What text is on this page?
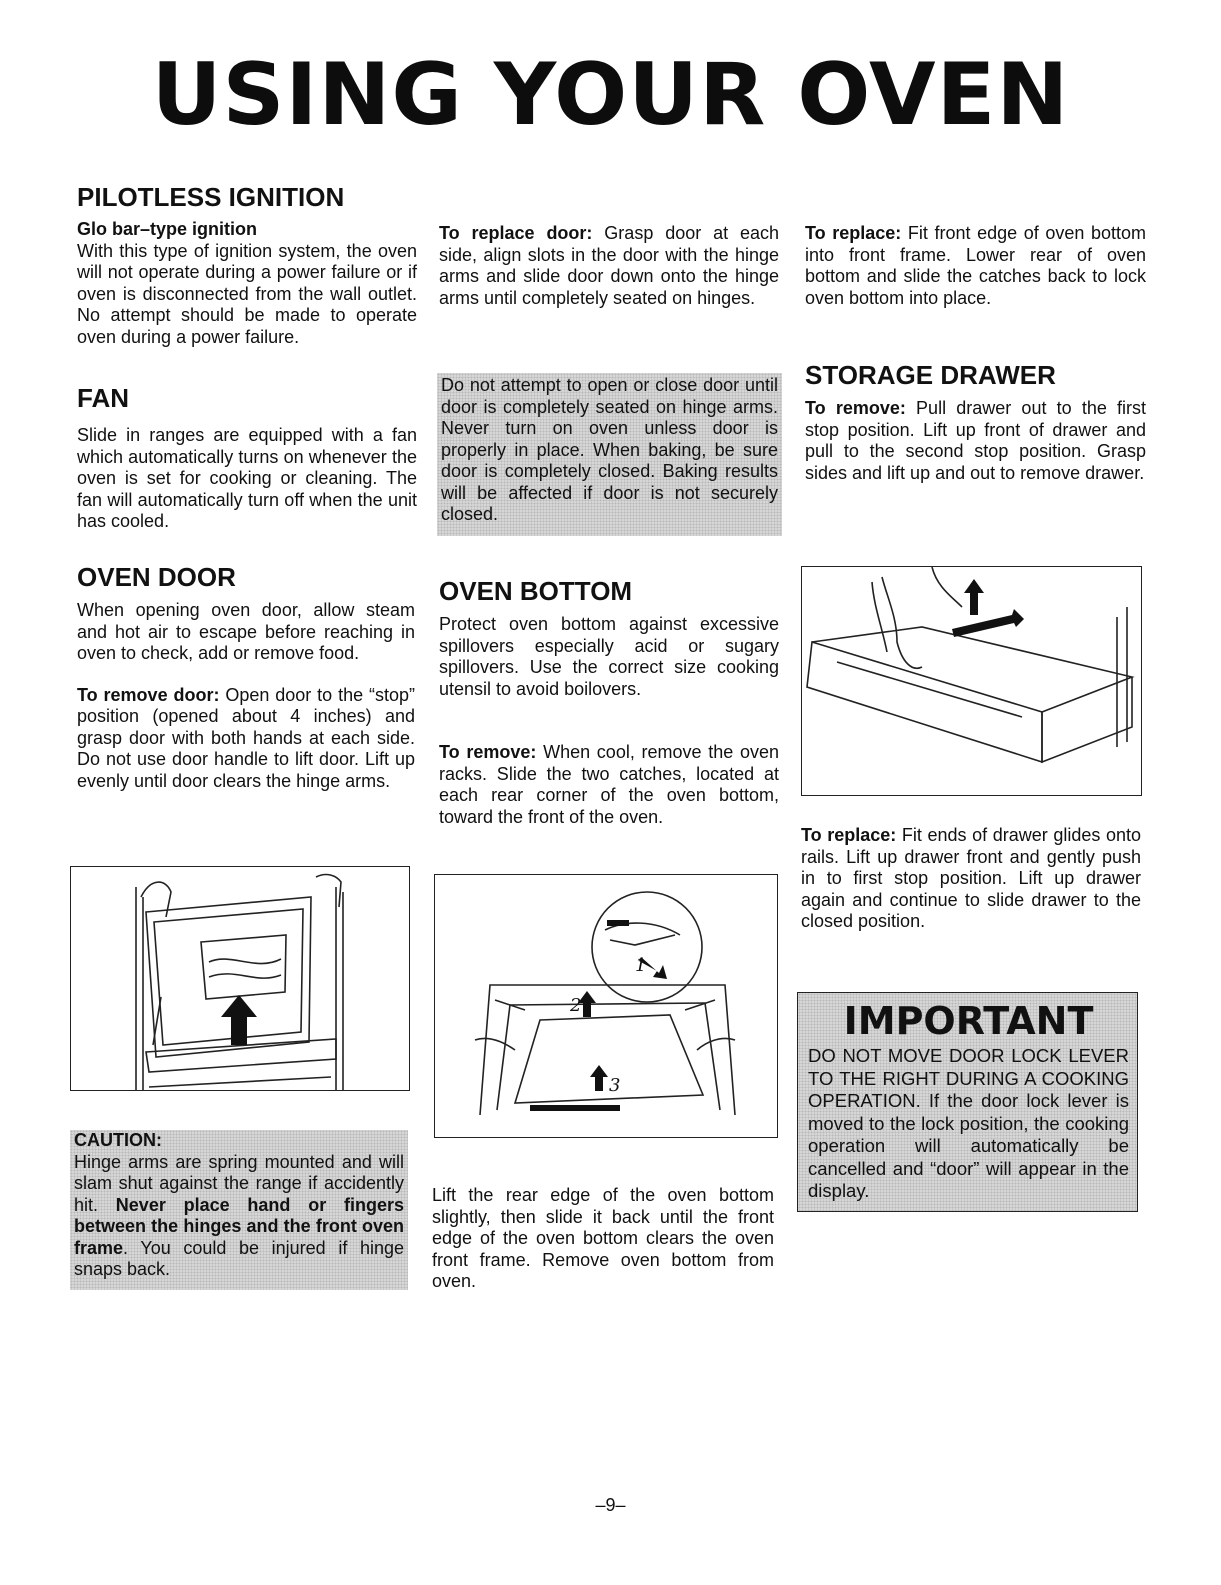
USING YOUR OVEN
PILOTLESS IGNITION
Glo bar–type ignition
With this type of ignition system, the oven will not operate during a power failure or if oven is disconnected from the wall outlet. No attempt should be made to operate oven during a power failure.
FAN
Slide in ranges are equipped with a fan which automatically turns on whenever the oven is set for cooking or cleaning. The fan will automatically turn off when the unit has cooled.
OVEN DOOR
When opening oven door, allow steam and hot air to escape before reaching in oven to check, add or remove food.
To remove door: Open door to the “stop” position (opened about 4 inches) and grasp door with both hands at each side. Do not use door handle to lift door. Lift up evenly until door clears the hinge arms.
CAUTION:
Hinge arms are spring mounted and will slam shut against the range if accidently hit. Never place hand or fingers between the hinges and the front oven frame. You could be injured if hinge snaps back.
To replace door: Grasp door at each side, align slots in the door with the hinge arms and slide door down onto the hinge arms until completely seated on hinges.
Do not attempt to open or close door until door is completely seated on hinge arms. Never turn on oven unless door is properly in place. When baking, be sure door is completely closed. Baking results will be affected if door is not securely closed.
OVEN BOTTOM
Protect oven bottom against excessive spillovers especially acid or sugary spillovers. Use the correct size cooking utensil to avoid boilovers.
To remove: When cool, remove the oven racks. Slide the two catches, located at each rear corner of the oven bottom, toward the front of the oven.
1
2
3
Lift the rear edge of the oven bottom slightly, then slide it back until the front edge of the oven bottom clears the oven front frame. Remove oven bottom from oven.
To replace: Fit front edge of oven bottom into front frame. Lower rear of oven bottom and slide the catches back to lock oven bottom into place.
STORAGE DRAWER
To remove: Pull drawer out to the first stop position. Lift up front of drawer and pull to the second stop position. Grasp sides and lift up and out to remove drawer.
To replace: Fit ends of drawer glides onto rails. Lift up drawer front and gently push in to first stop position. Lift up drawer again and continue to slide drawer to the closed position.
IMPORTANT
DO NOT MOVE DOOR LOCK LEVER TO THE RIGHT DURING A COOKING OPERATION. If the door lock lever is moved to the lock position, the cooking operation will automatically be cancelled and “door” will appear in the display.
–9–
